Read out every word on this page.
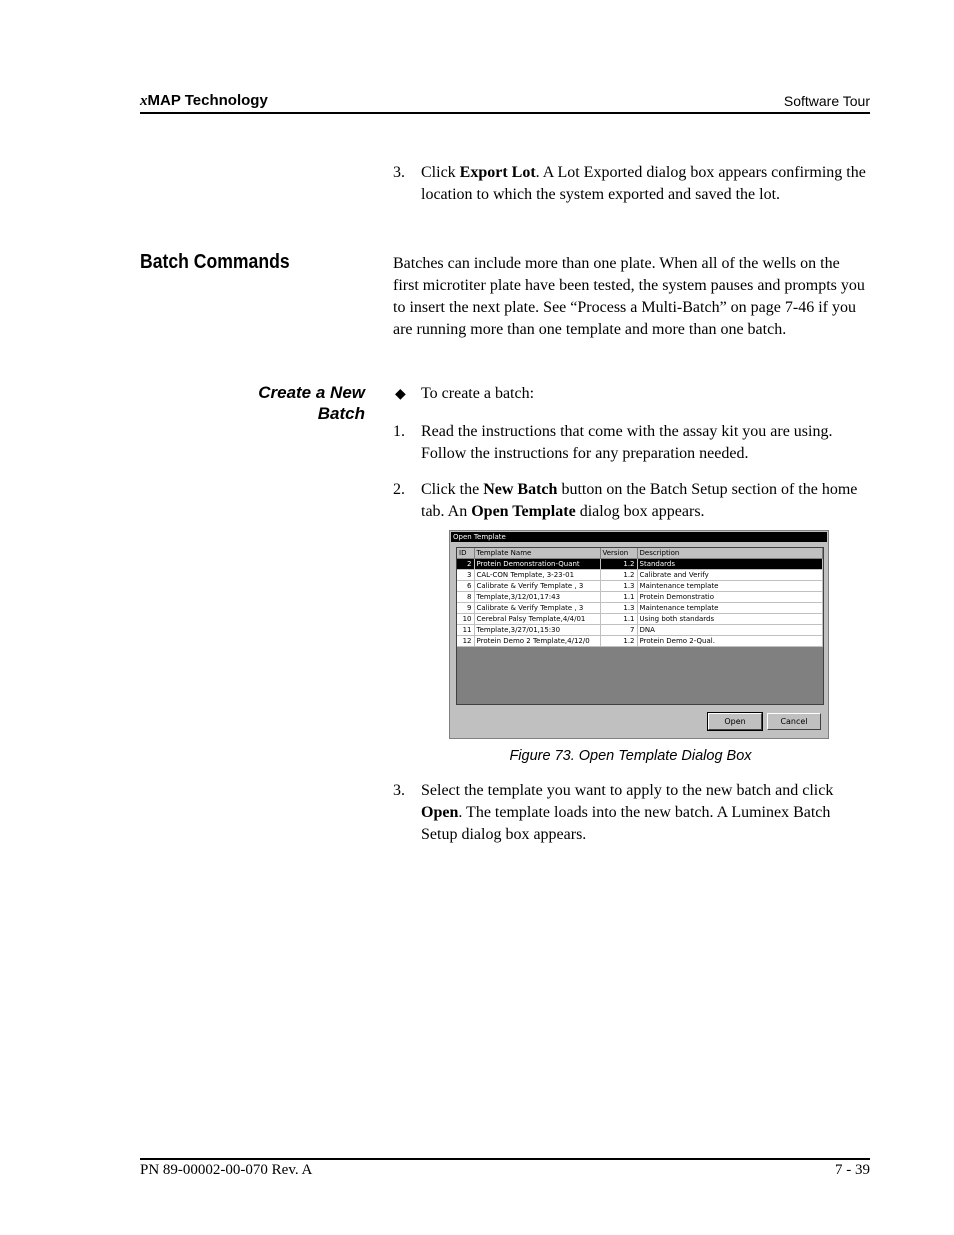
xMAP Technology	Software Tour
3. Click Export Lot. A Lot Exported dialog box appears confirming the location to which the system exported and saved the lot.
Batch Commands	Batches can include more than one plate. When all of the wells on the first microtiter plate have been tested, the system pauses and prompts you to insert the next plate. See “Process a Multi-Batch” on page 7-46 if you are running more than one template and more than one batch.

Create a New
Batch
◆ To create a batch:
1. Read the instructions that come with the assay kit you are using. Follow the instructions for any preparation needed.
2. Click the New Batch button on the Batch Setup section of the home tab. An Open Template dialog box appears.
Open Template
ID	Template Name	Version	Description
2	Protein Demonstration-Quant	1.2	Standards
3	CAL-CON Template, 3-23-01	1.2	Calibrate and Verify
6	Calibrate & Verify Template , 3	1.3	Maintenance template
8	Template,3/12/01,17:43	1.1	Protein Demonstratio
9	Calibrate & Verify Template , 3	1.3	Maintenance template
10	Cerebral Palsy Template,4/4/01	1.1	Using both standards
11	Template,3/27/01,15:30	7	DNA
12	Protein Demo 2 Template,4/12/0	1.2	Protein Demo 2-Qual.
Open	Cancel
Figure 73. Open Template Dialog Box
3. Select the template you want to apply to the new batch and click Open. The template loads into the new batch. A Luminex Batch Setup dialog box appears.
PN 89-00002-00-070 Rev. A	7 - 39
